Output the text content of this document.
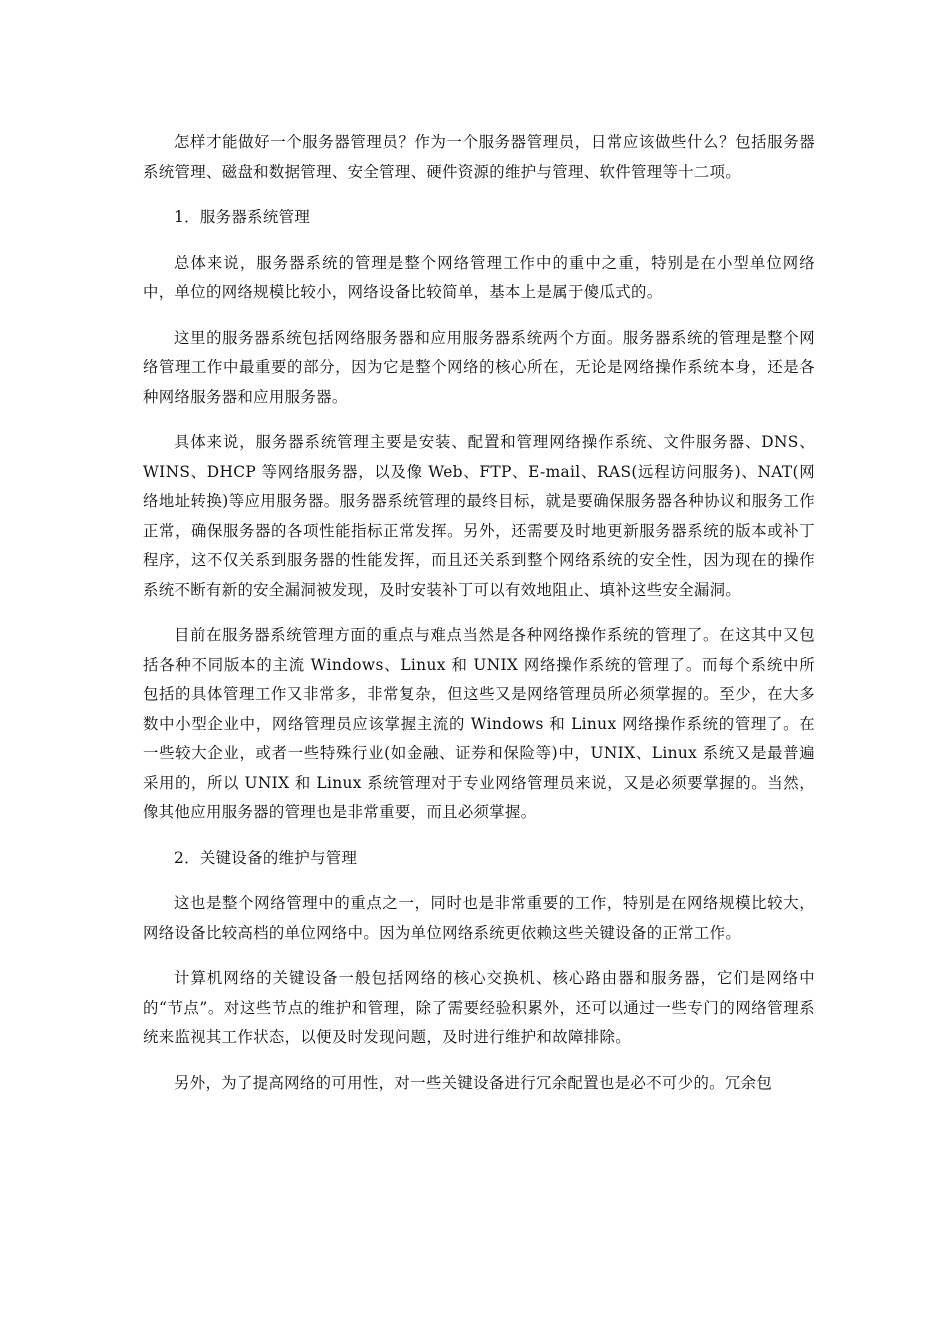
怎样才能做好一个服务器管理员？作为一个服务器管理员，日常应该做些什么？包括服务器系统管理、磁盘和数据管理、安全管理、硬件资源的维护与管理、软件管理等十二项。

1．服务器系统管理

总体来说，服务器系统的管理是整个网络管理工作中的重中之重，特别是在小型单位网络中，单位的网络规模比较小，网络设备比较简单，基本上是属于傻瓜式的。

这里的服务器系统包括网络服务器和应用服务器系统两个方面。服务器系统的管理是整个网络管理工作中最重要的部分，因为它是整个网络的核心所在，无论是网络操作系统本身，还是各种网络服务器和应用服务器。

具体来说，服务器系统管理主要是安装、配置和管理网络操作系统、文件服务器、DNS、WINS、DHCP 等网络服务器，以及像 Web、FTP、E-mail、RAS(远程访问服务)、NAT(网络地址转换)等应用服务器。服务器系统管理的最终目标，就是要确保服务器各种协议和服务工作正常，确保服务器的各项性能指标正常发挥。另外，还需要及时地更新服务器系统的版本或补丁程序，这不仅关系到服务器的性能发挥，而且还关系到整个网络系统的安全性，因为现在的操作系统不断有新的安全漏洞被发现，及时安装补丁可以有效地阻止、填补这些安全漏洞。

目前在服务器系统管理方面的重点与难点当然是各种网络操作系统的管理了。在这其中又包括各种不同版本的主流 Windows、Linux 和 UNIX 网络操作系统的管理了。而每个系统中所包括的具体管理工作又非常多，非常复杂，但这些又是网络管理员所必须掌握的。至少，在大多数中小型企业中，网络管理员应该掌握主流的 Windows 和 Linux 网络操作系统的管理了。在一些较大企业，或者一些特殊行业(如金融、证券和保险等)中，UNIX、Linux 系统又是最普遍采用的，所以 UNIX 和 Linux 系统管理对于专业网络管理员来说，又是必须要掌握的。当然，像其他应用服务器的管理也是非常重要，而且必须掌握。

2．关键设备的维护与管理

这也是整个网络管理中的重点之一，同时也是非常重要的工作，特别是在网络规模比较大，网络设备比较高档的单位网络中。因为单位网络系统更依赖这些关键设备的正常工作。

计算机网络的关键设备一般包括网络的核心交换机、核心路由器和服务器，它们是网络中的“节点”。对这些节点的维护和管理，除了需要经验积累外，还可以通过一些专门的网络管理系统来监视其工作状态，以便及时发现问题，及时进行维护和故障排除。

另外，为了提高网络的可用性，对一些关键设备进行冗余配置也是必不可少的。冗余包
